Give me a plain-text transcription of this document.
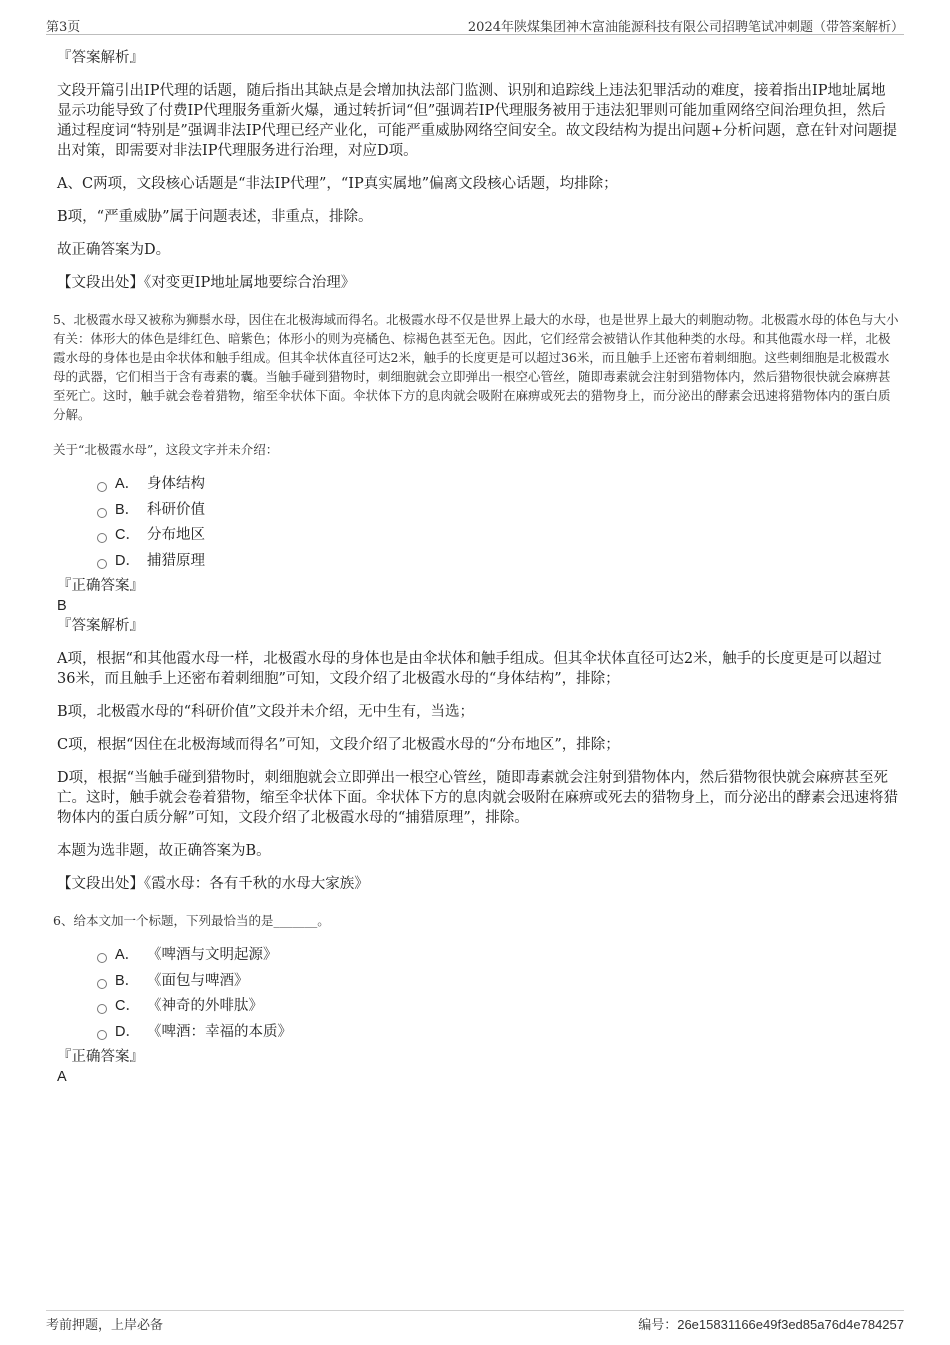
第3页	2024年陕煤集团神木富油能源科技有限公司招聘笔试冲刺题（带答案解析）

『答案解析』

文段开篇引出IP代理的话题，随后指出其缺点是会增加执法部门监测、识别和追踪线上违法犯罪活动的难度，接着指出IP地址属地显示功能导致了付费IP代理服务重新火爆，通过转折词“但”强调若IP代理服务被用于违法犯罪则可能加重网络空间治理负担，然后通过程度词“特别是”强调非法IP代理已经产业化，可能严重威胁网络空间安全。故文段结构为提出问题+分析问题，意在针对问题提出对策，即需要对非法IP代理服务进行治理，对应D项。

A、C两项，文段核心话题是“非法IP代理”，“IP真实属地”偏离文段核心话题，均排除；

B项，“严重威胁”属于问题表述，非重点，排除。

故正确答案为D。

【文段出处】《对变更IP地址属地要综合治理》

5、北极霞水母又被称为狮鬃水母，因住在北极海域而得名。北极霞水母不仅是世界上最大的水母，也是世界上最大的刺胞动物。北极霞水母的体色与大小有关：体形大的体色是绯红色、暗紫色；体形小的则为亮橘色、棕褐色甚至无色。因此，它们经常会被错认作其他种类的水母。和其他霞水母一样，北极霞水母的身体也是由伞状体和触手组成。但其伞状体直径可达2米，触手的长度更是可以超过36米，而且触手上还密布着刺细胞。这些刺细胞是北极霞水母的武器，它们相当于含有毒素的囊。当触手碰到猎物时，刺细胞就会立即弹出一根空心管丝，随即毒素就会注射到猎物体内，然后猎物很快就会麻痹甚至死亡。这时，触手就会卷着猎物，缩至伞状体下面。伞状体下方的息肉就会吸附在麻痹或死去的猎物身上，而分泌出的酵素会迅速将猎物体内的蛋白质分解。

关于“北极霞水母”，这段文字并未介绍：

A． 身体结构
B． 科研价值
C． 分布地区
D． 捕猎原理

『正确答案』

B

『答案解析』

A项，根据“和其他霞水母一样，北极霞水母的身体也是由伞状体和触手组成。但其伞状体直径可达2米，触手的长度更是可以超过36米，而且触手上还密布着刺细胞”可知，文段介绍了北极霞水母的“身体结构”，排除；

B项，北极霞水母的“科研价值”文段并未介绍，无中生有，当选；

C项，根据“因住在北极海域而得名”可知，文段介绍了北极霞水母的“分布地区”，排除；

D项，根据“当触手碰到猎物时，刺细胞就会立即弹出一根空心管丝，随即毒素就会注射到猎物体内，然后猎物很快就会麻痹甚至死亡。这时，触手就会卷着猎物，缩至伞状体下面。伞状体下方的息肉就会吸附在麻痹或死去的猎物身上，而分泌出的酵素会迅速将猎物体内的蛋白质分解”可知，文段介绍了北极霞水母的“捕猎原理”，排除。

本题为选非题，故正确答案为B。

【文段出处】《霞水母：各有千秋的水母大家族》

6、给本文加一个标题，下列最恰当的是_______。

A． 《啤酒与文明起源》
B． 《面包与啤酒》
C． 《神奇的外啡肽》
D． 《啤酒：幸福的本质》

『正确答案』

A

考前押题，上岸必备	编号：26e15831166e49f3ed85a76d4e784257
